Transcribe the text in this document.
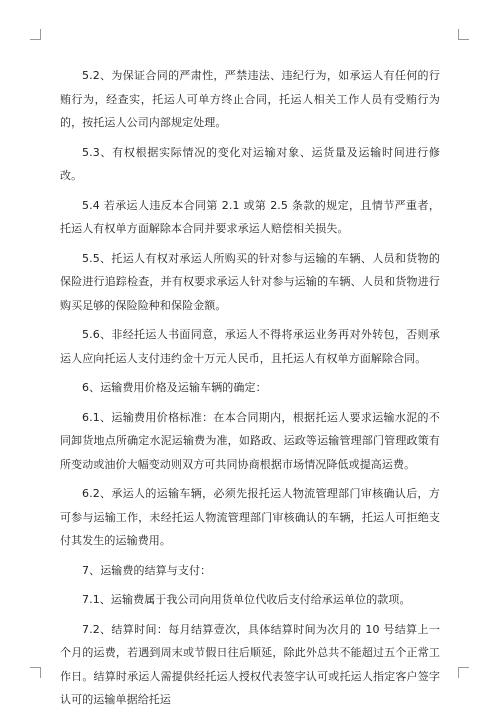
5.2、为保证合同的严肃性，严禁违法、违纪行为，如承运人有任何的行贿行为，经查实，托运人可单方终止合同，托运人相关工作人员有受贿行为的，按托运人公司内部规定处理。

5.3、有权根据实际情况的变化对运输对象、运货量及运输时间进行修改。

5.4 若承运人违反本合同第 2.1 或第 2.5 条款的规定，且情节严重者，托运人有权单方面解除本合同并要求承运人赔偿相关损失。

5.5、托运人有权对承运人所购买的针对参与运输的车辆、人员和货物的保险进行追踪检查，并有权要求承运人针对参与运输的车辆、人员和货物进行购买足够的保险险种和保险金额。

5.6、非经托运人书面同意，承运人不得将承运业务再对外转包，否则承运人应向托运人支付违约金十万元人民币，且托运人有权单方面解除合同。

6、运输费用价格及运输车辆的确定：

6.1、运输费用价格标准：在本合同期内，根据托运人要求运输水泥的不同卸货地点所确定水泥运输费为准，如路政、运政等运输管理部门管理政策有所变动或油价大幅变动则双方可共同协商根据市场情况降低或提高运费。

6.2、承运人的运输车辆，必须先报托运人物流管理部门审核确认后，方可参与运输工作，未经托运人物流管理部门审核确认的车辆，托运人可拒绝支付其发生的运输费用。

7、运输费的结算与支付：

7.1、运输费属于我公司向用货单位代收后支付给承运单位的款项。

7.2、结算时间：每月结算壹次，具体结算时间为次月的 10 号结算上一个月的运费，若遇到周末或节假日往后顺延，除此外总共不能超过五个正常工作日。结算时承运人需提供经托运人授权代表签字认可或托运人指定客户签字认可的运输单据给托运
